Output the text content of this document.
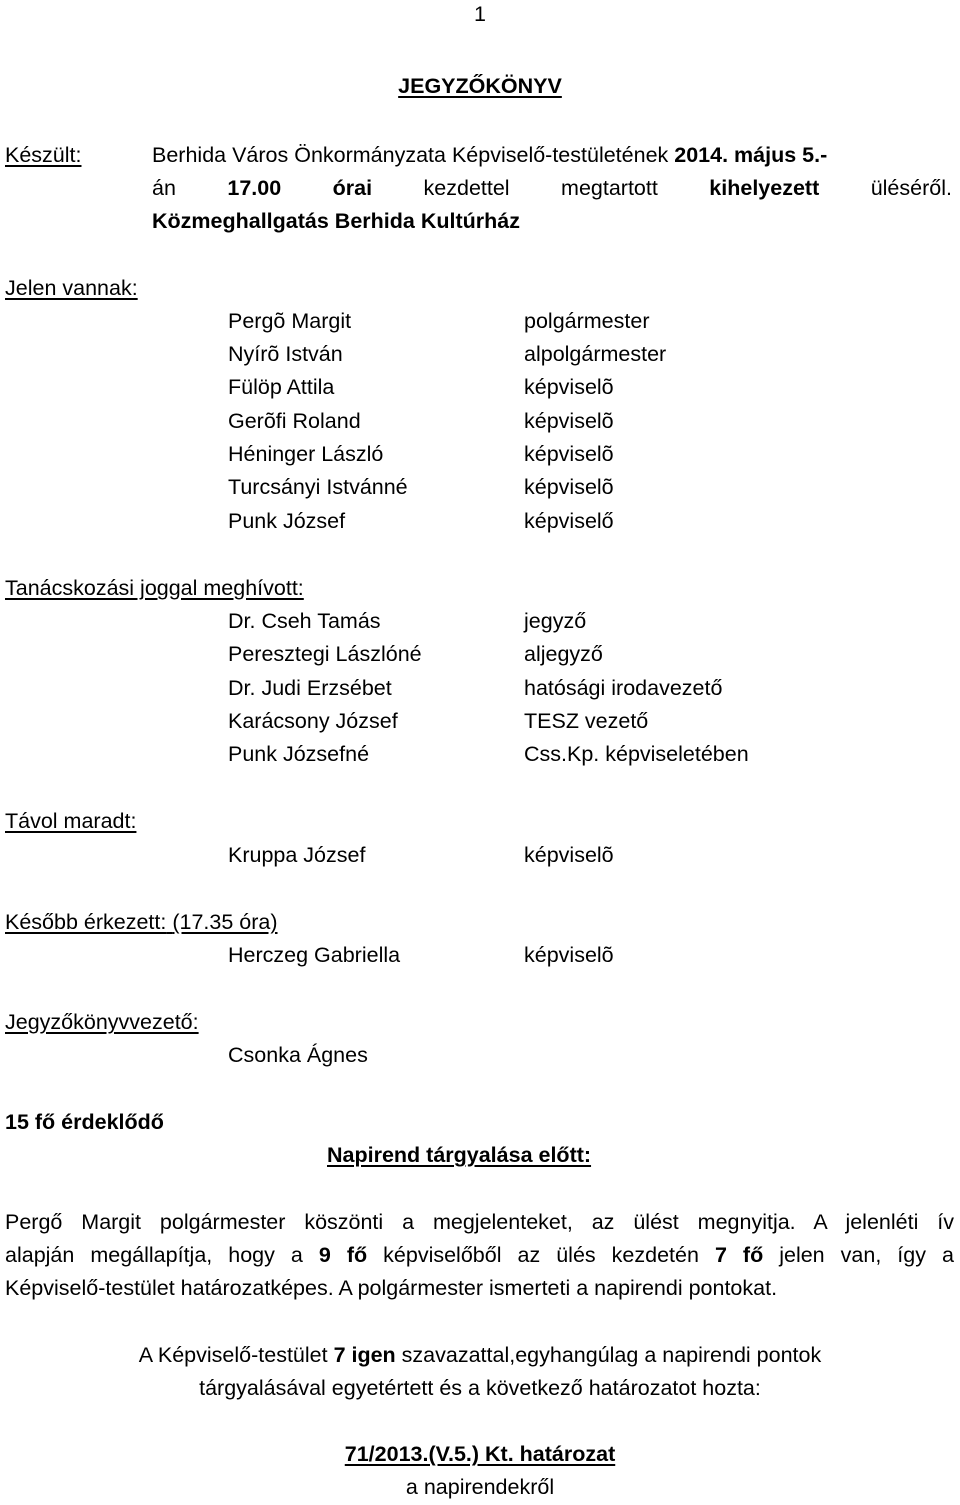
1
JEGYZŐKÖNYV
Készült:	Berhida Város Önkormányzata Képviselő-testületének 2014. május 5.-
án 17.00 órai kezdettel megtartott kihelyezett üléséről.
Közmeghallgatás Berhida Kultúrház
Jelen vannak:
Pergõ Margit	polgármester
Nyírõ István	alpolgármester
Fülöp Attila	képviselõ
Gerõfi Roland	képviselõ
Héninger László	képviselõ
Turcsányi Istvánné	képviselõ
Punk József	képviselő
Tanácskozási joggal meghívott:
Dr. Cseh Tamás	jegyző
Peresztegi Lászlóné	aljegyző
Dr. Judi Erzsébet	hatósági irodavezető
Karácsony József	TESZ vezető
Punk Józsefné	Css.Kp. képviseletében
Távol maradt:
Kruppa József	képviselõ
Később érkezett: (17.35 óra)
Herczeg Gabriella	képviselõ
Jegyzőkönyvvezető:
Csonka Ágnes
15 fő érdeklődő
Napirend tárgyalása előtt:
Pergő Margit polgármester köszönti a megjelenteket, az ülést megnyitja. A jelenléti ív
alapján megállapítja, hogy a 9 fő képviselőből az ülés kezdetén 7 fő jelen van, így a
Képviselő-testület határozatképes. A polgármester ismerteti a napirendi pontokat.
A Képviselő-testület 7 igen szavazattal,egyhangúlag a napirendi pontok
tárgyalásával egyetértett és a következő határozatot hozta:
71/2013.(V.5.) Kt. határozat
a napirendekről
